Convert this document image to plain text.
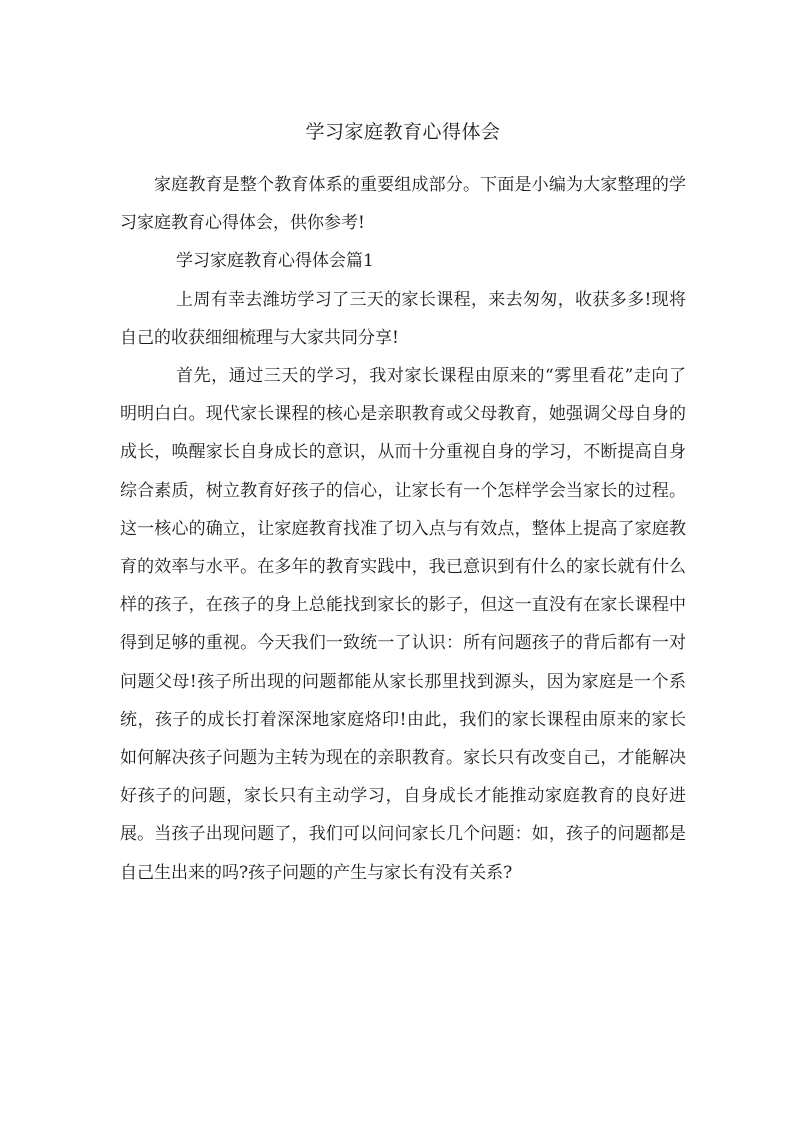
学习家庭教育心得体会

家庭教育是整个教育体系的重要组成部分。下面是小编为大家整理的学习家庭教育心得体会，供你参考!

学习家庭教育心得体会篇1

上周有幸去潍坊学习了三天的家长课程，来去匆匆，收获多多!现将自己的收获细细梳理与大家共同分享!

首先，通过三天的学习，我对家长课程由原来的“雾里看花”走向了明明白白。现代家长课程的核心是亲职教育或父母教育，她强调父母自身的成长，唤醒家长自身成长的意识，从而十分重视自身的学习，不断提高自身综合素质，树立教育好孩子的信心，让家长有一个怎样学会当家长的过程。这一核心的确立，让家庭教育找准了切入点与有效点，整体上提高了家庭教育的效率与水平。在多年的教育实践中，我已意识到有什么的家长就有什么样的孩子，在孩子的身上总能找到家长的影子，但这一直没有在家长课程中得到足够的重视。今天我们一致统一了认识：所有问题孩子的背后都有一对问题父母!孩子所出现的问题都能从家长那里找到源头，因为家庭是一个系统，孩子的成长打着深深地家庭烙印!由此，我们的家长课程由原来的家长如何解决孩子问题为主转为现在的亲职教育。家长只有改变自己，才能解决好孩子的问题，家长只有主动学习，自身成长才能推动家庭教育的良好进展。当孩子出现问题了，我们可以问问家长几个问题：如，孩子的问题都是自己生出来的吗?孩子问题的产生与家长有没有关系?
